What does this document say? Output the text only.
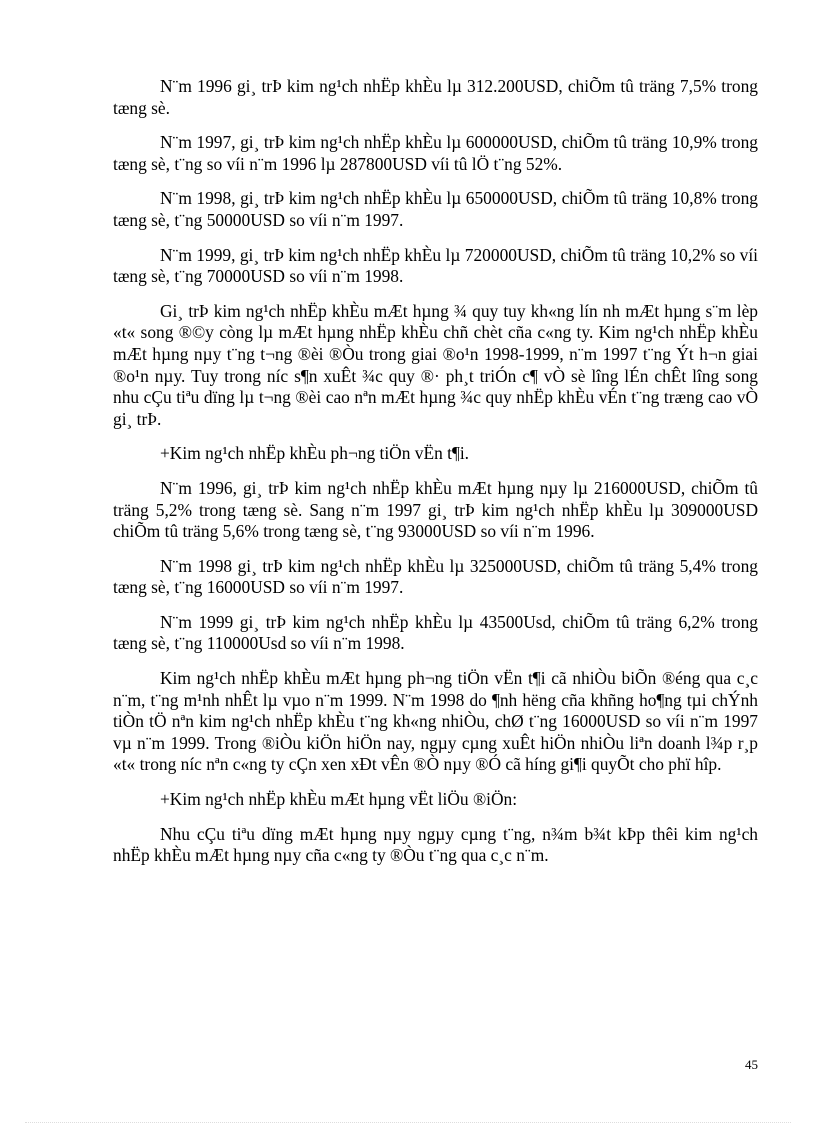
N¨m 1996 gi¸ trÞ kim ng¹ch nhËp khÈu lµ 312.200USD, chiÕm tû träng 7,5% trong tæng sè.

N¨m 1997, gi¸ trÞ kim ng¹ch nhËp khÈu lµ 600000USD, chiÕm tû träng 10,9% trong tæng sè, t¨ng so víi n¨m 1996 lµ 287800USD víi tû lÖ t¨ng 52%.

N¨m 1998, gi¸ trÞ kim ng¹ch nhËp khÈu lµ 650000USD, chiÕm tû träng 10,8% trong tæng sè, t¨ng 50000USD so víi n¨m 1997.

N¨m 1999, gi¸ trÞ kim ng¹ch nhËp khÈu lµ 720000USD, chiÕm tû träng 10,2% so víi tæng sè, t¨ng 70000USD so víi n¨m 1998.

Gi¸ trÞ kim ng¹ch nhËp khÈu mÆt hµng ¾ quy tuy kh«ng lín nh mÆt hµng s¨m lèp «t« song ®©y còng lµ mÆt hµng nhËp khÈu chñ chèt cña c«ng ty. Kim ng¹ch nhËp khÈu mÆt hµng nµy t¨ng t¬ng ®èi ®Òu trong giai ®o¹n 1998-1999, n¨m 1997 t¨ng Ýt h¬n giai ®o¹n nµy. Tuy trong níc s¶n xuÊt ¾c quy ®· ph¸t triÓn c¶ vÒ sè lîng lÉn chÊt lîng song nhu cÇu tiªu dïng lµ t¬ng ®èi cao nªn mÆt hµng ¾c quy nhËp khÈu vÉn t¨ng træng cao vÒ gi¸ trÞ.

+Kim ng¹ch nhËp khÈu ph¬ng tiÖn vËn t¶i.

N¨m 1996, gi¸ trÞ kim ng¹ch nhËp khÈu mÆt hµng nµy lµ 216000USD, chiÕm tû träng 5,2% trong tæng sè. Sang n¨m 1997 gi¸ trÞ kim ng¹ch nhËp khÈu lµ 309000USD chiÕm tû träng 5,6% trong tæng sè, t¨ng 93000USD so víi n¨m 1996.

N¨m 1998 gi¸ trÞ kim ng¹ch nhËp khÈu lµ 325000USD, chiÕm tû träng 5,4% trong tæng sè, t¨ng 16000USD so víi n¨m 1997.

N¨m 1999 gi¸ trÞ kim ng¹ch nhËp khÈu lµ 43500Usd, chiÕm tû träng 6,2% trong tæng sè, t¨ng 110000Usd so víi n¨m 1998.

Kim ng¹ch nhËp khÈu mÆt hµng ph¬ng tiÖn vËn t¶i cã nhiÒu biÕn ®éng qua c¸c n¨m, t¨ng m¹nh nhÊt lµ vµo n¨m 1999. N¨m 1998 do ¶nh hëng cña khñng ho¶ng tµi chÝnh tiÒn tÖ nªn kim ng¹ch nhËp khÈu t¨ng kh«ng nhiÒu, chØ t¨ng 16000USD so víi n¨m 1997 vµ n¨m 1999. Trong ®iÒu kiÖn hiÖn nay, ngµy cµng xuÊt hiÖn nhiÒu liªn doanh l¾p r¸p «t« trong níc nªn c«ng ty cÇn xen xÐt vÊn ®Ò nµy ®Ó cã híng gi¶i quyÕt cho phï hîp.

+Kim ng¹ch nhËp khÈu mÆt hµng vËt liÖu ®iÖn:

Nhu cÇu tiªu dïng mÆt hµng nµy ngµy cµng t¨ng, n¾m b¾t kÞp thêi kim ng¹ch nhËp khÈu mÆt hµng nµy cña c«ng ty ®Òu t¨ng qua c¸c n¨m.

45
